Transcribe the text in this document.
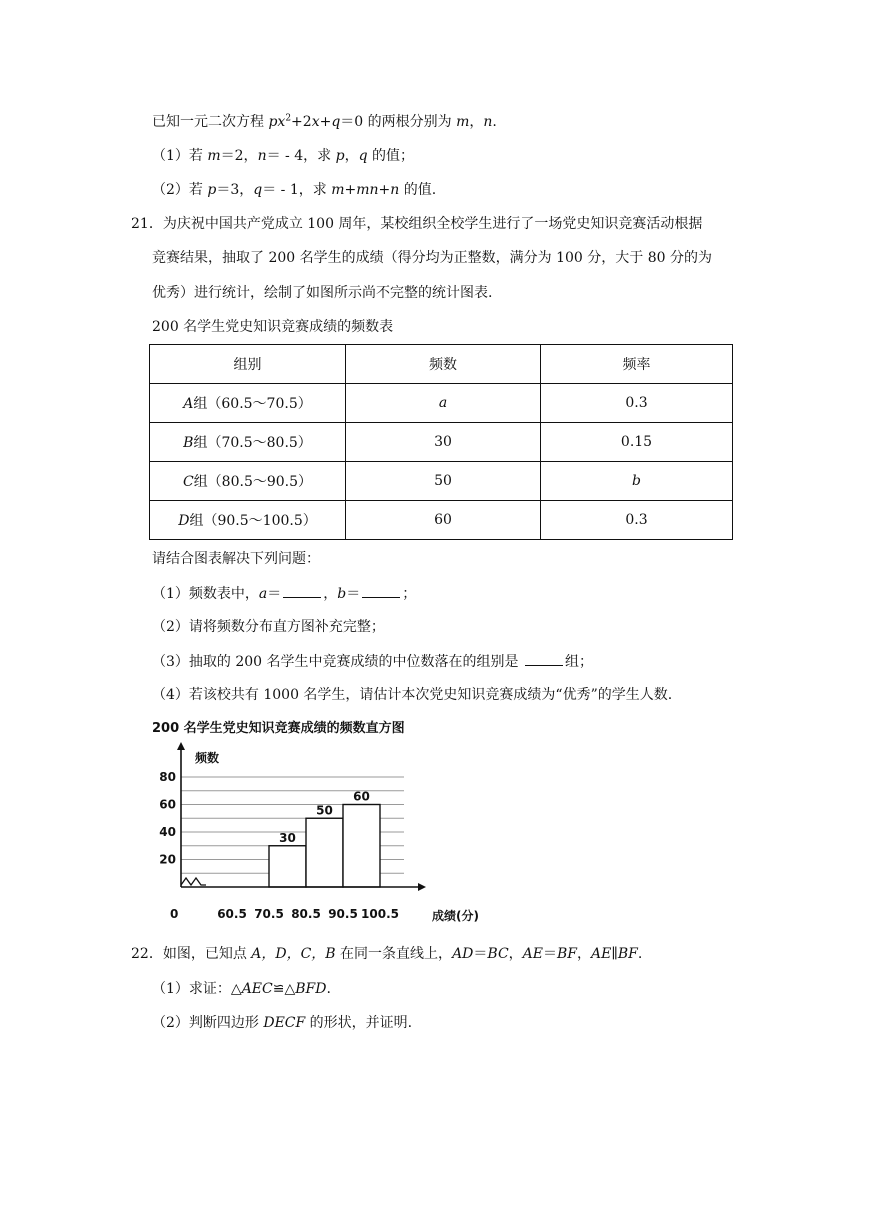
已知一元二次方程 $px^2+2x+q=0$ 的两根分别为 m，n.
（1）若 m＝2，n＝ - 4，求 p，q 的值；
（2）若 p＝3，q＝ - 1，求 m+mn+n 的值.
21．为庆祝中国共产党成立 100 周年，某校组织全校学生进行了一场党史知识竞赛活动根据
竞赛结果，抽取了 200 名学生的成绩（得分均为正整数，满分为 100 分，大于 80 分的为
优秀）进行统计，绘制了如图所示尚不完整的统计图表.
200 名学生党史知识竞赛成绩的频数表
组别	频数	频率
A组（60.5～70.5）	a	0.3
B组（70.5～80.5）	30	0.15
C组（80.5～90.5）	50	b
D组（90.5～100.5）	60	0.3
请结合图表解决下列问题：
（1）频数表中，a＝	，b＝	；
（2）请将频数分布直方图补充完整；
（3）抽取的 200 名学生中竞赛成绩的中位数落在的组别是	组；
（4）若该校共有 1000 名学生，请估计本次党史知识竞赛成绩为“优秀”的学生人数.
200 名学生党史知识竞赛成绩的频数直方图
30
50
60
频数
成绩(分)
0
20
40
60
80
60.5 70.5 80.5 90.5 100.5
22．如图，已知点 A，D，C，B 在同一条直线上，AD＝BC，AE＝BF，AE∥BF.
（1）求证：△AEC≌△BFD.
（2）判断四边形 DECF 的形状，并证明.
